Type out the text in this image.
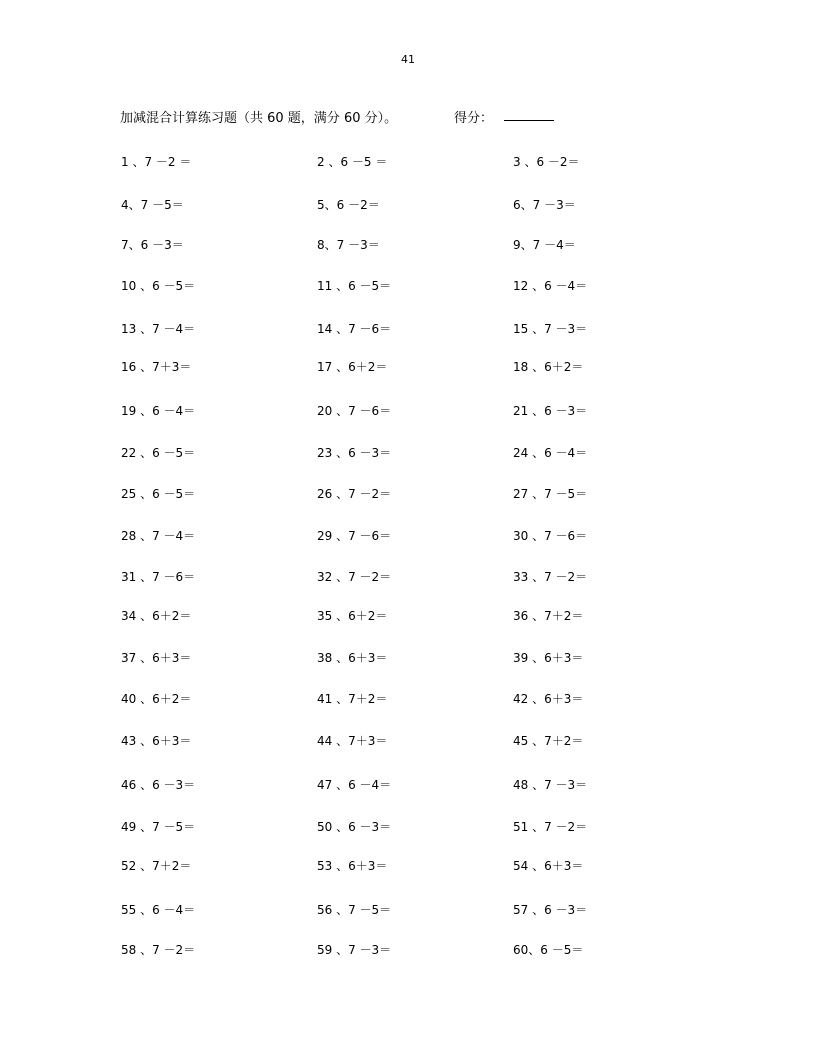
41
加减混合计算练习题（共 60 题，满分 60 分）。	得分：
1 、7 －2 ＝	2 、6 －5 ＝	3 、6 －2＝
4、7 －5＝	5、6 －2＝	6、7 －3＝
7、6 －3＝	8、7 －3＝	9、7 －4＝
10 、6 －5＝	11 、6 －5＝	12 、6 －4＝
13 、7 －4＝	14 、7 －6＝	15 、7 －3＝
16 、7＋3＝	17 、6＋2＝	18 、6＋2＝
19 、6 －4＝	20 、7 －6＝	21 、6 －3＝
22 、6 －5＝	23 、6 －3＝	24 、6 －4＝
25 、6 －5＝	26 、7 －2＝	27 、7 －5＝
28 、7 －4＝	29 、7 －6＝	30 、7 －6＝
31 、7 －6＝	32 、7 －2＝	33 、7 －2＝
34 、6＋2＝	35 、6＋2＝	36 、7＋2＝
37 、6＋3＝	38 、6＋3＝	39 、6＋3＝
40 、6＋2＝	41 、7＋2＝	42 、6＋3＝
43 、6＋3＝	44 、7＋3＝	45 、7＋2＝
46 、6 －3＝	47 、6 －4＝	48 、7 －3＝
49 、7 －5＝	50 、6 －3＝	51 、7 －2＝
52 、7＋2＝	53 、6＋3＝	54 、6＋3＝
55 、6 －4＝	56 、7 －5＝	57 、6 －3＝
58 、7 －2＝	59 、7 －3＝	60、6 －5＝
